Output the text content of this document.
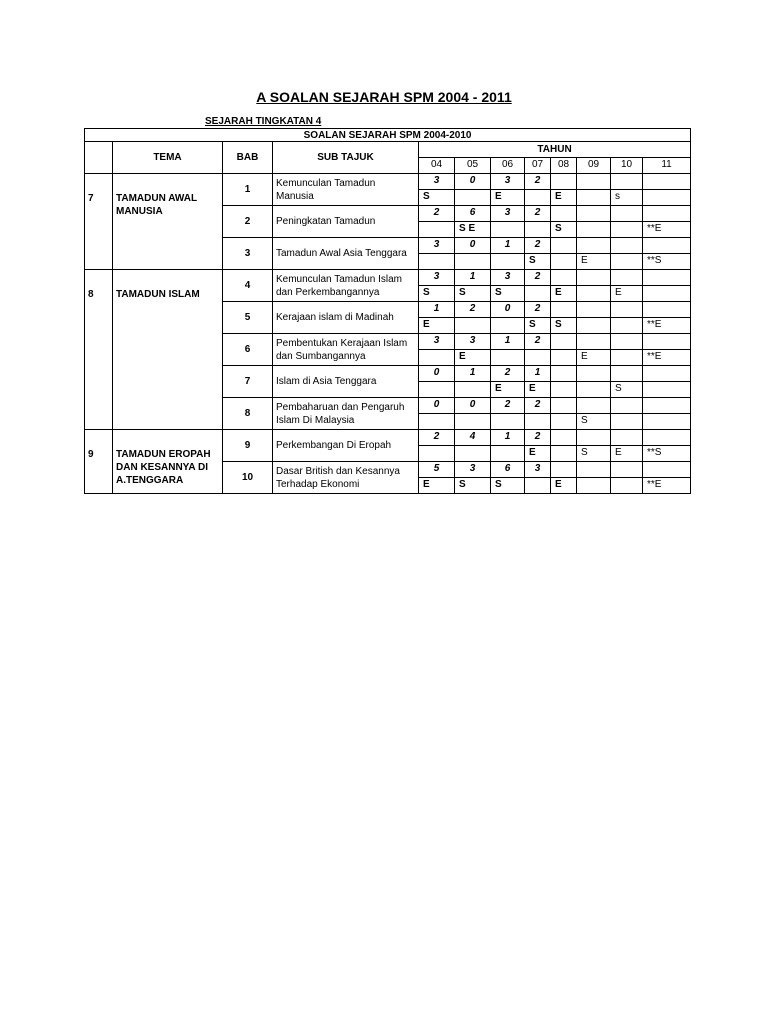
A SOALAN SEJARAH SPM 2004 - 2011
SEJARAH TINGKATAN 4
SOALAN SEJARAH SPM 2004-2010											
	TEMA	BAB	SUB TAJUK	TAHUN							
				04	05	06	07	08	09	10	11

7	TAMADUN AWAL MANUSIA	1	Kemunculan Tamadun Manusia	3	0	3	2				
				S		E		E		s	
		2	Peningkatan Tamadun	2	6	3	2				
					S E			S			**E
		3	Tamadun Awal Asia Tenggara	3	0	1	2				
							S		E		**S

8	TAMADUN ISLAM	4	Kemunculan Tamadun Islam dan Perkembangannya	3	1	3	2				
				S	S	S		E		E	
		5	Kerajaan islam di Madinah	1	2	0	2				
				E			S	S			**E
		6	Pembentukan Kerajaan Islam dan Sumbangannya	3	3	1	2				
					E				E		**E
		7	Islam di Asia Tenggara	0	1	2	1				
						E	E			S	
		8	Pembaharuan dan Pengaruh Islam Di Malaysia	0	0	2	2				
									S		

9	TAMADUN EROPAH DAN KESANNYA DI A.TENGGARA	9	Perkembangan Di Eropah	2	4	1	2				
							E		S	E	**S
		10	Dasar British dan Kesannya Terhadap Ekonomi	5	3	6	3				
				E	S	S		E			**E
